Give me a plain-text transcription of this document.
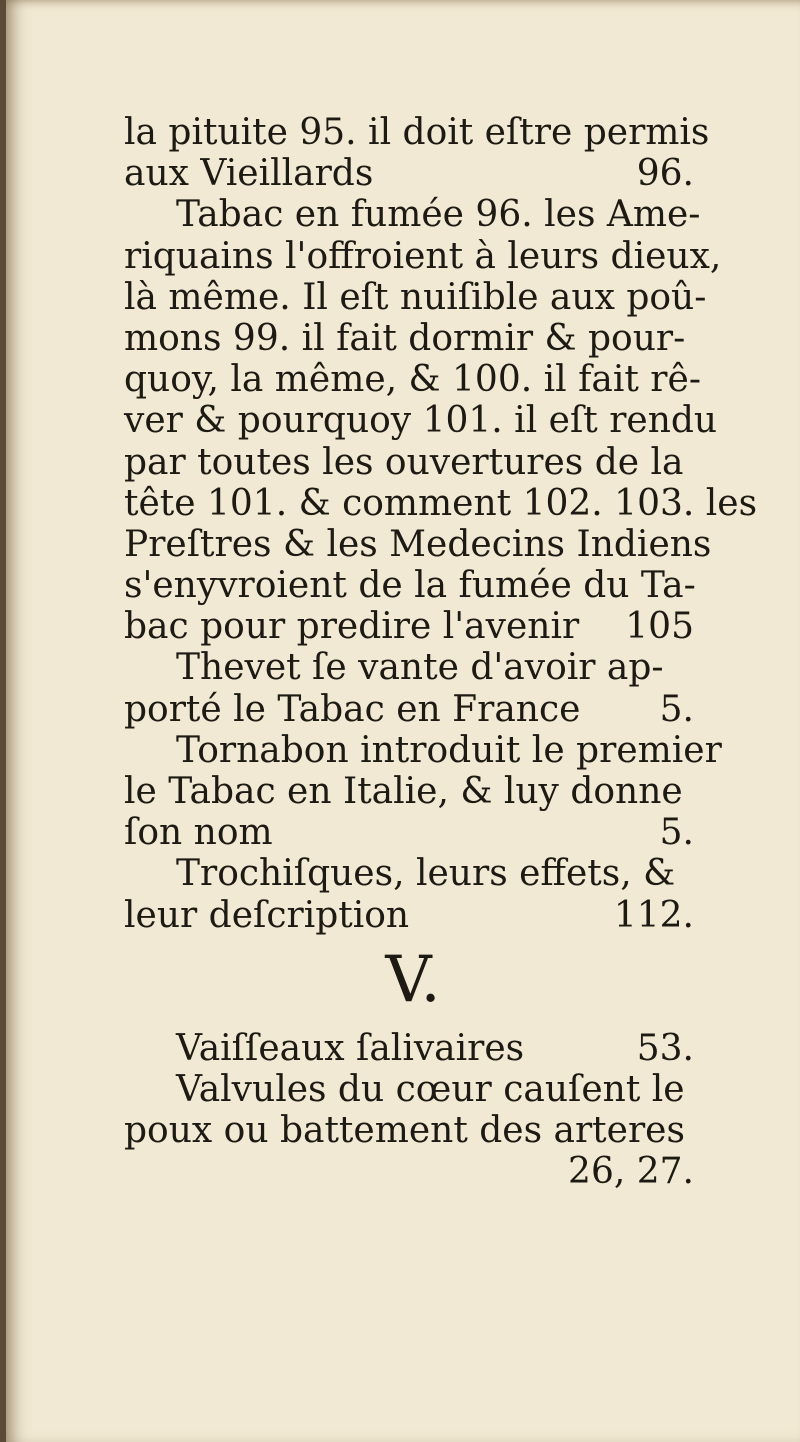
la pituite 95. il doit eſtre permis
aux Vieillards	96.
Tabac en fumée 96. les Ame-
riquains l'offroient à leurs dieux,
là même. Il eſt nuiſible aux poû-
mons 99. il fait dormir & pour-
quoy, la même, & 100. il fait rê-
ver & pourquoy 101. il eſt rendu
par toutes les ouvertures de la
tête 101. & comment 102. 103. les
Preſtres & les Medecins Indiens
s'enyvroient de la fumée du Ta-
bac pour predire l'avenir 105
Thevet ſe vante d'avoir ap-
porté le Tabac en France 5.
Tornabon introduit le premier
le Tabac en Italie, & luy donne
ſon nom	5.
Trochiſques, leurs effets, &
leur deſcription	112.
V.
Vaiſſeaux ſalivaires	53.
Valvules du cœur cauſent le
poux ou battement des arteres
26, 27.
